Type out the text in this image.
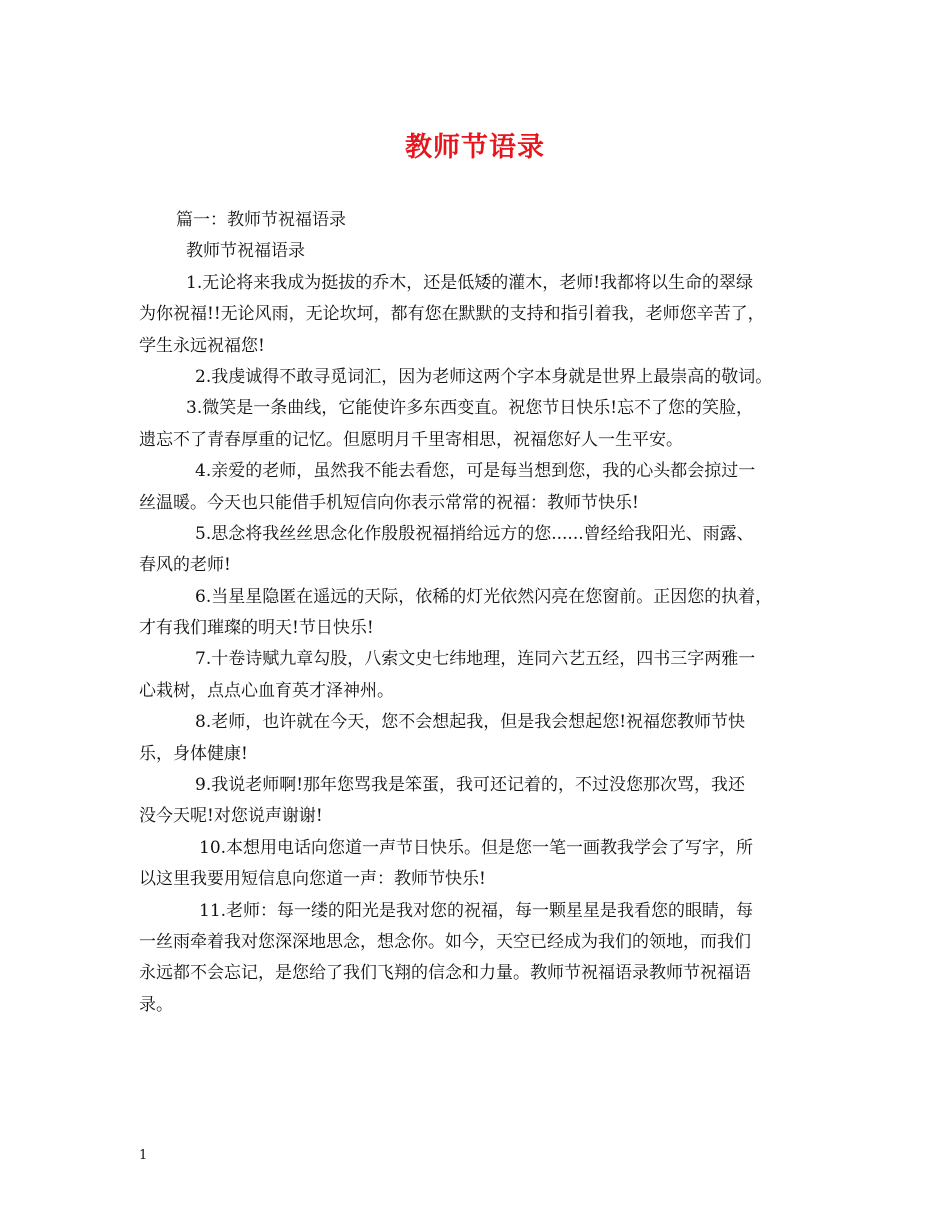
教师节语录
篇一：教师节祝福语录
教师节祝福语录
1.无论将来我成为挺拔的乔木，还是低矮的灌木，老师!我都将以生命的翠绿
为你祝福!!无论风雨，无论坎坷，都有您在默默的支持和指引着我，老师您辛苦了，
学生永远祝福您!
2.我虔诚得不敢寻觅词汇，因为老师这两个字本身就是世界上最崇高的敬词。
3.微笑是一条曲线，它能使许多东西变直。祝您节日快乐!忘不了您的笑脸，
遗忘不了青春厚重的记忆。但愿明月千里寄相思，祝福您好人一生平安。
4.亲爱的老师，虽然我不能去看您，可是每当想到您，我的心头都会掠过一
丝温暖。今天也只能借手机短信向你表示常常的祝福：教师节快乐!
5.思念将我丝丝思念化作殷殷祝福捎给远方的您......曾经给我阳光、雨露、
春风的老师!
6.当星星隐匿在遥远的天际，依稀的灯光依然闪亮在您窗前。正因您的执着，
才有我们璀璨的明天!节日快乐!
7.十卷诗赋九章勾股，八索文史七纬地理，连同六艺五经，四书三字两雅一
心栽树，点点心血育英才泽神州。
8.老师，也许就在今天，您不会想起我，但是我会想起您!祝福您教师节快
乐，身体健康!
9.我说老师啊!那年您骂我是笨蛋，我可还记着的，不过没您那次骂，我还
没今天呢!对您说声谢谢!
10.本想用电话向您道一声节日快乐。但是您一笔一画教我学会了写字，所
以这里我要用短信息向您道一声：教师节快乐!
11.老师：每一缕的阳光是我对您的祝福，每一颗星星是我看您的眼睛，每
一丝雨牵着我对您深深地思念，想念你。如今，天空已经成为我们的领地，而我们
永远都不会忘记，是您给了我们飞翔的信念和力量。教师节祝福语录教师节祝福语
录。
1
